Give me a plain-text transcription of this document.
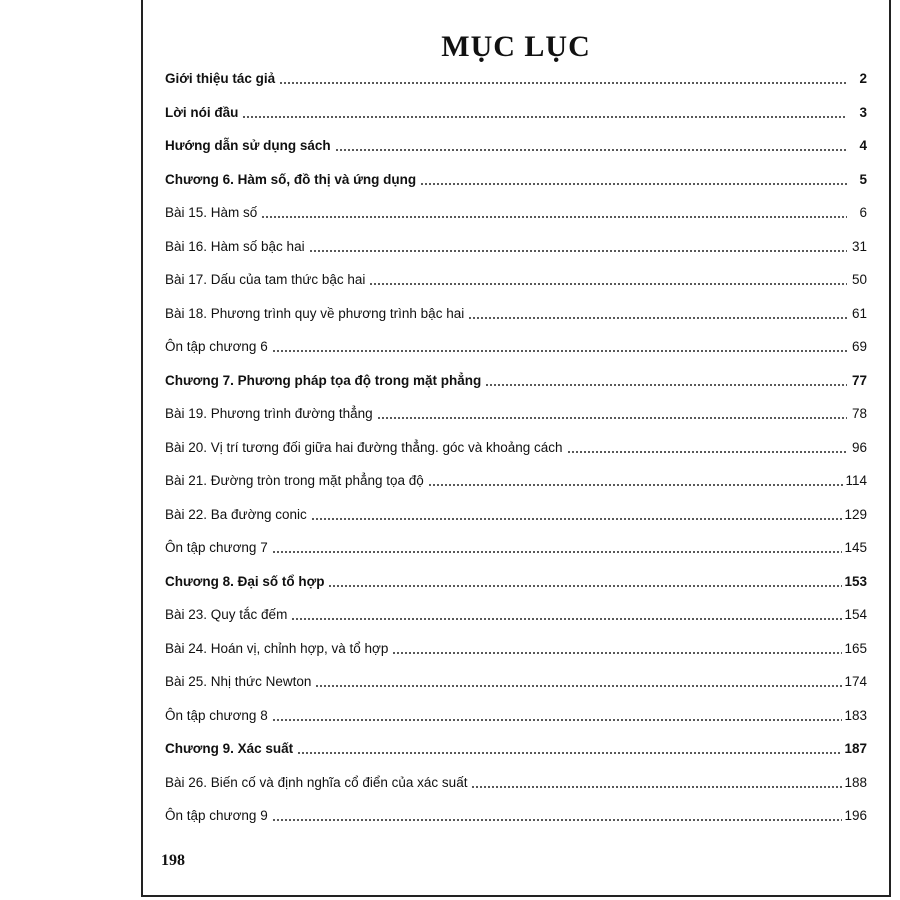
MỤC LỤC
Giới thiệu tác giả	2
Lời nói đầu	3
Hướng dẫn sử dụng sách	4
Chương 6. Hàm số, đồ thị và ứng dụng	5
Bài 15. Hàm số	6
Bài 16. Hàm số bậc hai	31
Bài 17. Dấu của tam thức bậc hai	50
Bài 18. Phương trình quy về phương trình bậc hai	61
Ôn tập chương 6	69
Chương 7. Phương pháp tọa độ trong mặt phẳng	77
Bài 19. Phương trình đường thẳng	78
Bài 20. Vị trí tương đối giữa hai đường thẳng. góc và khoảng cách	96
Bài 21. Đường tròn trong mặt phẳng tọa độ	114
Bài 22. Ba đường conic	129
Ôn tập chương 7	145
Chương 8. Đại số tổ hợp	153
Bài 23. Quy tắc đếm	154
Bài 24. Hoán vị, chỉnh hợp, và tổ hợp	165
Bài 25. Nhị thức Newton	174
Ôn tập chương 8	183
Chương 9. Xác suất	187
Bài 26. Biến cố và định nghĩa cổ điển của xác suất	188
Ôn tập chương 9	196
198
